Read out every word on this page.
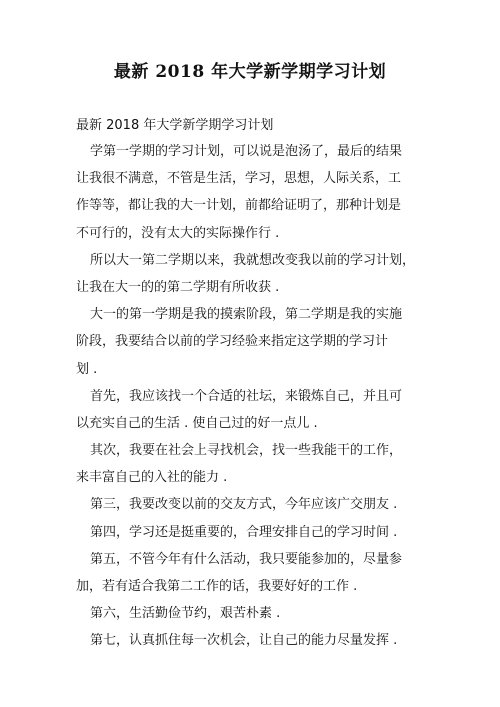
最新 2018 年大学新学期学习计划
最新 2018 年大学新学期学习计划
学第一学期的学习计划，可以说是泡汤了，最后的结果
让我很不满意，不管是生活，学习，思想，人际关系，工
作等等，都让我的大一计划，前都给证明了，那种计划是
不可行的，没有太大的实际操作行 .
所以大一第二学期以来，我就想改变我以前的学习计划，
让我在大一的的第二学期有所收获 .
大一的第一学期是我的摸索阶段，第二学期是我的实施
阶段，我要结合以前的学习经验来指定这学期的学习计
划 .
首先，我应该找一个合适的社坛，来锻炼自己，并且可
以充实自己的生活 . 使自己过的好一点儿 .
其次，我要在社会上寻找机会，找一些我能干的工作，
来丰富自己的入社的能力 .
第三，我要改变以前的交友方式，今年应该广交朋友 .
第四，学习还是挺重要的，合理安排自己的学习时间 .
第五，不管今年有什么活动，我只要能参加的，尽量参
加，若有适合我第二工作的话，我要好好的工作 .
第六，生活勤俭节约，艰苦朴素 .
第七，认真抓住每一次机会，让自己的能力尽量发挥 .
